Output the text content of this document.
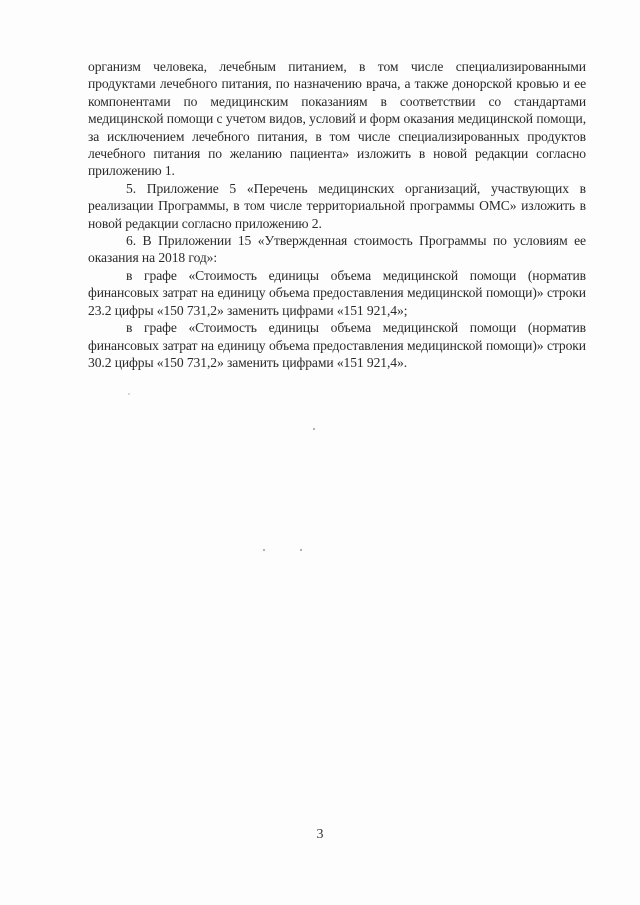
организм человека, лечебным питанием, в том числе специализированными продуктами лечебного питания, по назначению врача, а также донорской кровью и ее компонентами по медицинским показаниям в соответствии со стандартами медицинской помощи с учетом видов, условий и форм оказания медицинской помощи, за исключением лечебного питания, в том числе специализированных продуктов лечебного питания по желанию пациента» изложить в новой редакции согласно приложению 1.

5. Приложение 5 «Перечень медицинских организаций, участвующих в реализации Программы, в том числе территориальной программы ОМС» изложить в новой редакции согласно приложению 2.

6. В Приложении 15 «Утвержденная стоимость Программы по условиям ее оказания на 2018 год»:

в графе «Стоимость единицы объема медицинской помощи (норматив финансовых затрат на единицу объема предоставления медицинской помощи)» строки 23.2 цифры «150 731,2» заменить цифрами «151 921,4»;

в графе «Стоимость единицы объема медицинской помощи (норматив финансовых затрат на единицу объема предоставления медицинской помощи)» строки 30.2 цифры «150 731,2» заменить цифрами «151 921,4».

3
